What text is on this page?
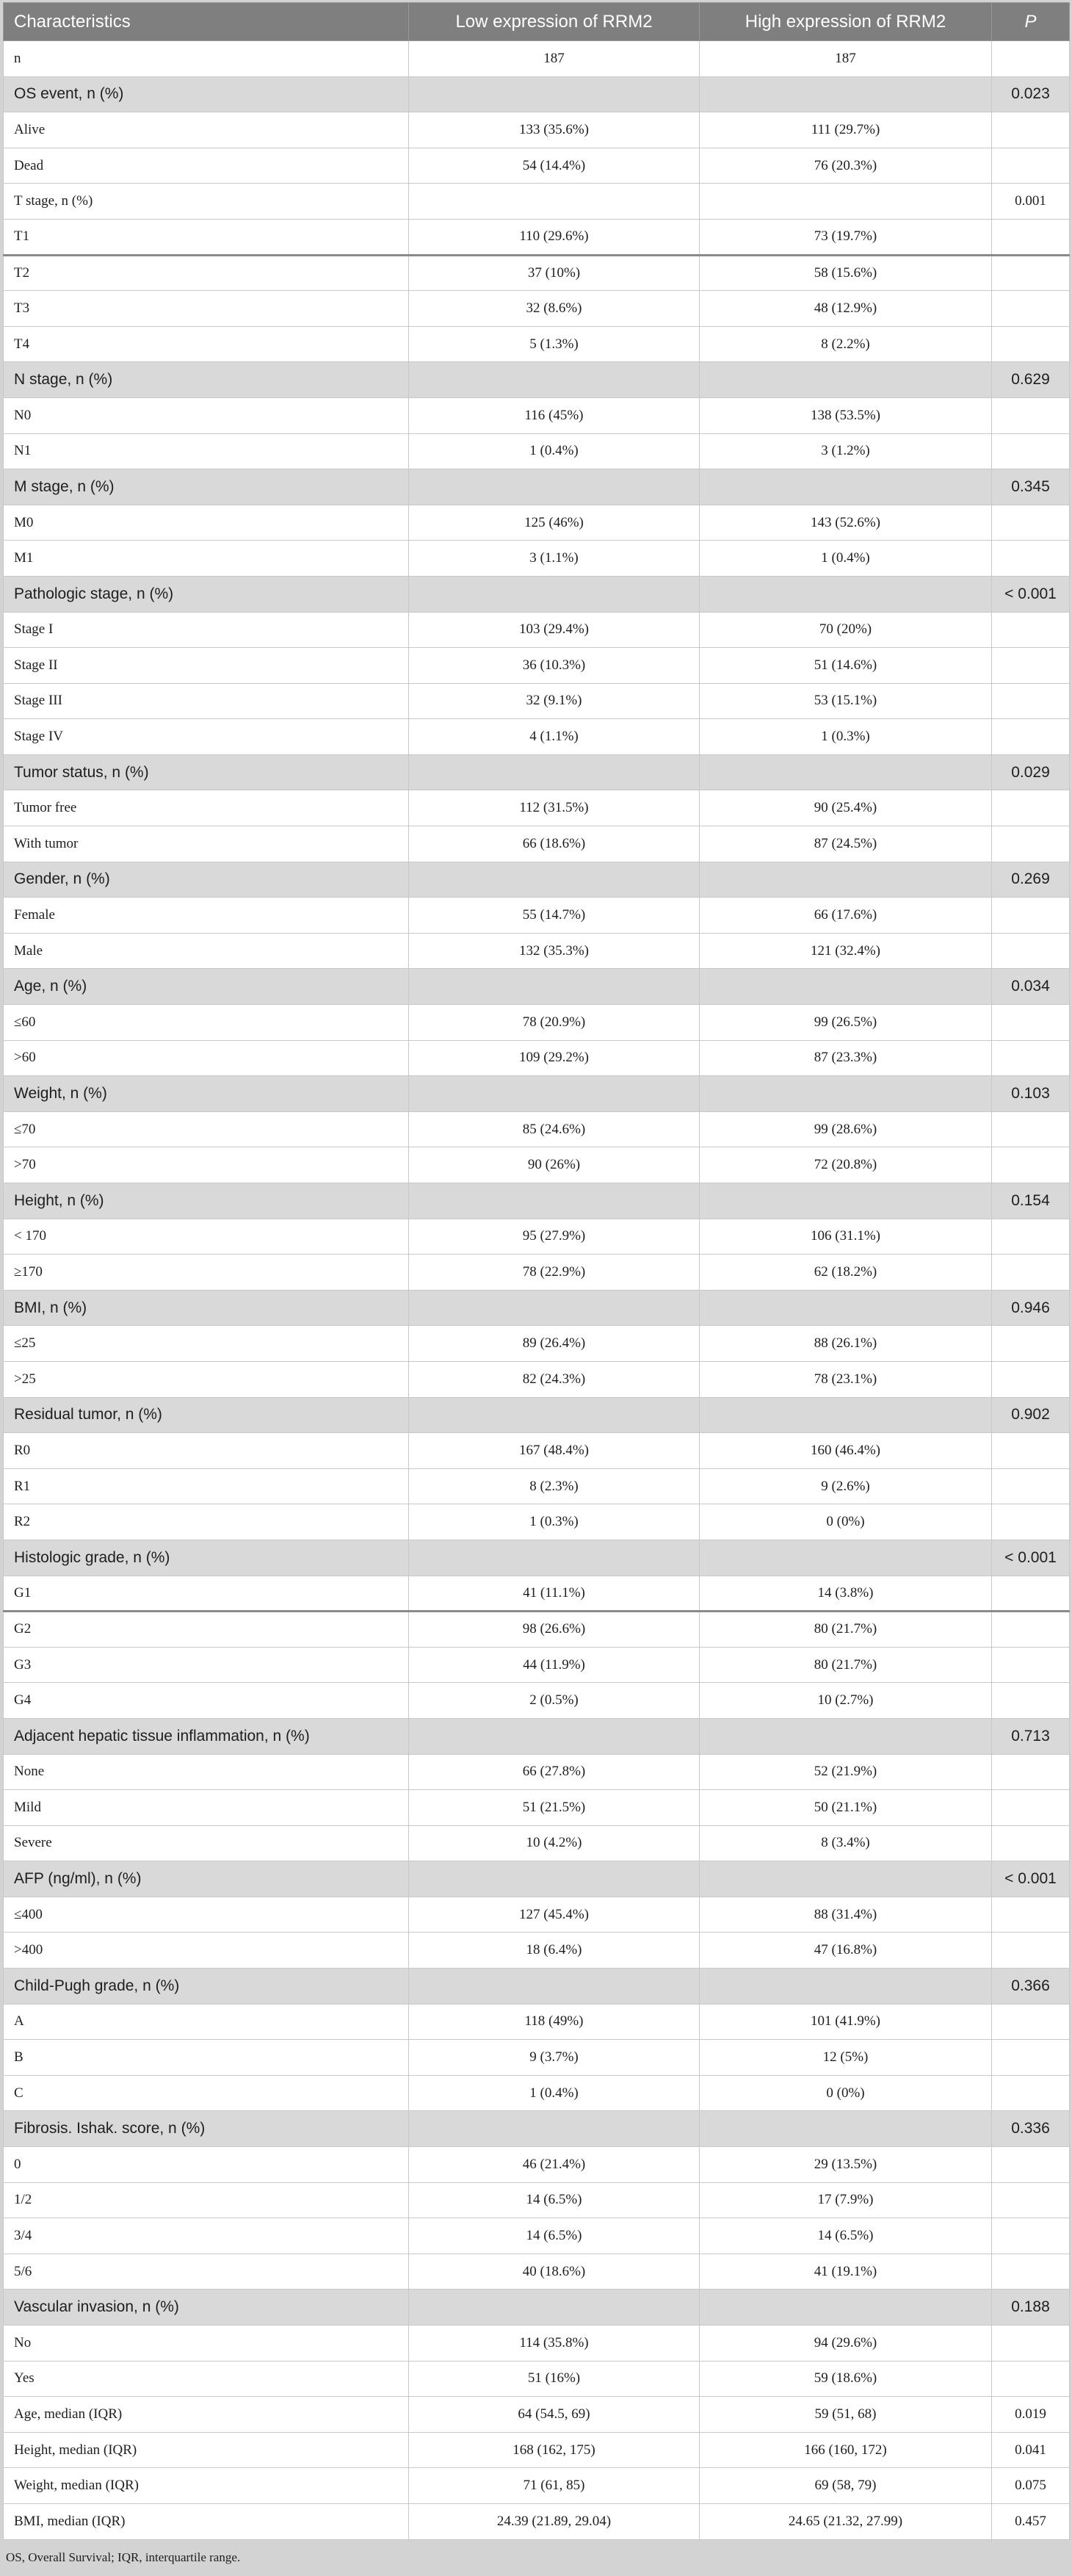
Characteristics	Low expression of RRM2	High expression of RRM2	P
n	187	187	
OS event, n (%)			0.023
Alive	133 (35.6%)	111 (29.7%)	
Dead	54 (14.4%)	76 (20.3%)	
T stage, n (%)			0.001
T1	110 (29.6%)	73 (19.7%)	
T2	37 (10%)	58 (15.6%)	
T3	32 (8.6%)	48 (12.9%)	
T4	5 (1.3%)	8 (2.2%)	
N stage, n (%)			0.629
N0	116 (45%)	138 (53.5%)	
N1	1 (0.4%)	3 (1.2%)	
M stage, n (%)			0.345
M0	125 (46%)	143 (52.6%)	
M1	3 (1.1%)	1 (0.4%)	
Pathologic stage, n (%)			< 0.001
Stage I	103 (29.4%)	70 (20%)	
Stage II	36 (10.3%)	51 (14.6%)	
Stage III	32 (9.1%)	53 (15.1%)	
Stage IV	4 (1.1%)	1 (0.3%)	
Tumor status, n (%)			0.029
Tumor free	112 (31.5%)	90 (25.4%)	
With tumor	66 (18.6%)	87 (24.5%)	
Gender, n (%)			0.269
Female	55 (14.7%)	66 (17.6%)	
Male	132 (35.3%)	121 (32.4%)	
Age, n (%)			0.034
≤60	78 (20.9%)	99 (26.5%)	
>60	109 (29.2%)	87 (23.3%)	
Weight, n (%)			0.103
≤70	85 (24.6%)	99 (28.6%)	
>70	90 (26%)	72 (20.8%)	
Height, n (%)			0.154
< 170	95 (27.9%)	106 (31.1%)	
≥170	78 (22.9%)	62 (18.2%)	
BMI, n (%)			0.946
≤25	89 (26.4%)	88 (26.1%)	
>25	82 (24.3%)	78 (23.1%)	
Residual tumor, n (%)			0.902
R0	167 (48.4%)	160 (46.4%)	
R1	8 (2.3%)	9 (2.6%)	
R2	1 (0.3%)	0 (0%)	
Histologic grade, n (%)			< 0.001
G1	41 (11.1%)	14 (3.8%)	
G2	98 (26.6%)	80 (21.7%)	
G3	44 (11.9%)	80 (21.7%)	
G4	2 (0.5%)	10 (2.7%)	
Adjacent hepatic tissue inflammation, n (%)			0.713
None	66 (27.8%)	52 (21.9%)	
Mild	51 (21.5%)	50 (21.1%)	
Severe	10 (4.2%)	8 (3.4%)	
AFP (ng/ml), n (%)			< 0.001
≤400	127 (45.4%)	88 (31.4%)	
>400	18 (6.4%)	47 (16.8%)	
Child-Pugh grade, n (%)			0.366
A	118 (49%)	101 (41.9%)	
B	9 (3.7%)	12 (5%)	
C	1 (0.4%)	0 (0%)	
Fibrosis. Ishak. score, n (%)			0.336
0	46 (21.4%)	29 (13.5%)	
1/2	14 (6.5%)	17 (7.9%)	
3/4	14 (6.5%)	14 (6.5%)	
5/6	40 (18.6%)	41 (19.1%)	
Vascular invasion, n (%)			0.188
No	114 (35.8%)	94 (29.6%)	
Yes	51 (16%)	59 (18.6%)	
Age, median (IQR)	64 (54.5, 69)	59 (51, 68)	0.019
Height, median (IQR)	168 (162, 175)	166 (160, 172)	0.041
Weight, median (IQR)	71 (61, 85)	69 (58, 79)	0.075
BMI, median (IQR)	24.39 (21.89, 29.04)	24.65 (21.32, 27.99)	0.457
OS, Overall Survival; IQR, interquartile range.
